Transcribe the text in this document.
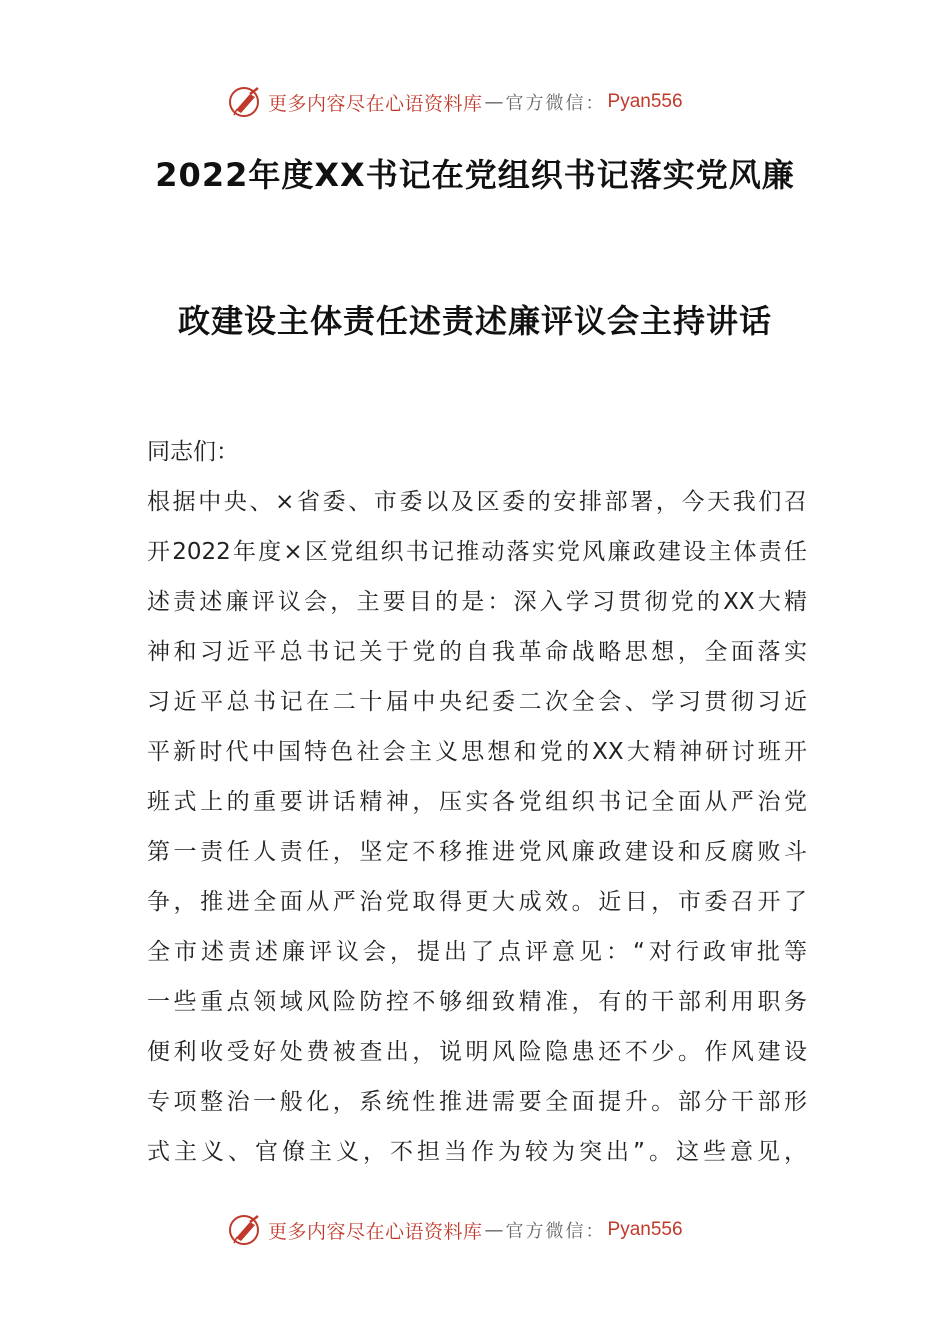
更多内容尽在心语资料库 — 官方微信： Pyan556
2022年度XX书记在党组织书记落实党风廉
政建设主体责任述责述廉评议会主持讲话
同志们：
根据中央、×省委、市委以及区委的安排部署，今天我们召
开2022年度×区党组织书记推动落实党风廉政建设主体责任
述责述廉评议会，主要目的是：深入学习贯彻党的XX大精
神和习近平总书记关于党的自我革命战略思想，全面落实
习近平总书记在二十届中央纪委二次全会、学习贯彻习近
平新时代中国特色社会主义思想和党的XX大精神研讨班开
班式上的重要讲话精神，压实各党组织书记全面从严治党
第一责任人责任，坚定不移推进党风廉政建设和反腐败斗
争，推进全面从严治党取得更大成效。近日，市委召开了
全市述责述廉评议会，提出了点评意见：“对行政审批等
一些重点领域风险防控不够细致精准，有的干部利用职务
便利收受好处费被查出，说明风险隐患还不少。作风建设
专项整治一般化，系统性推进需要全面提升。部分干部形
式主义、官僚主义，不担当作为较为突出”。这些意见，
更多内容尽在心语资料库 — 官方微信： Pyan556
